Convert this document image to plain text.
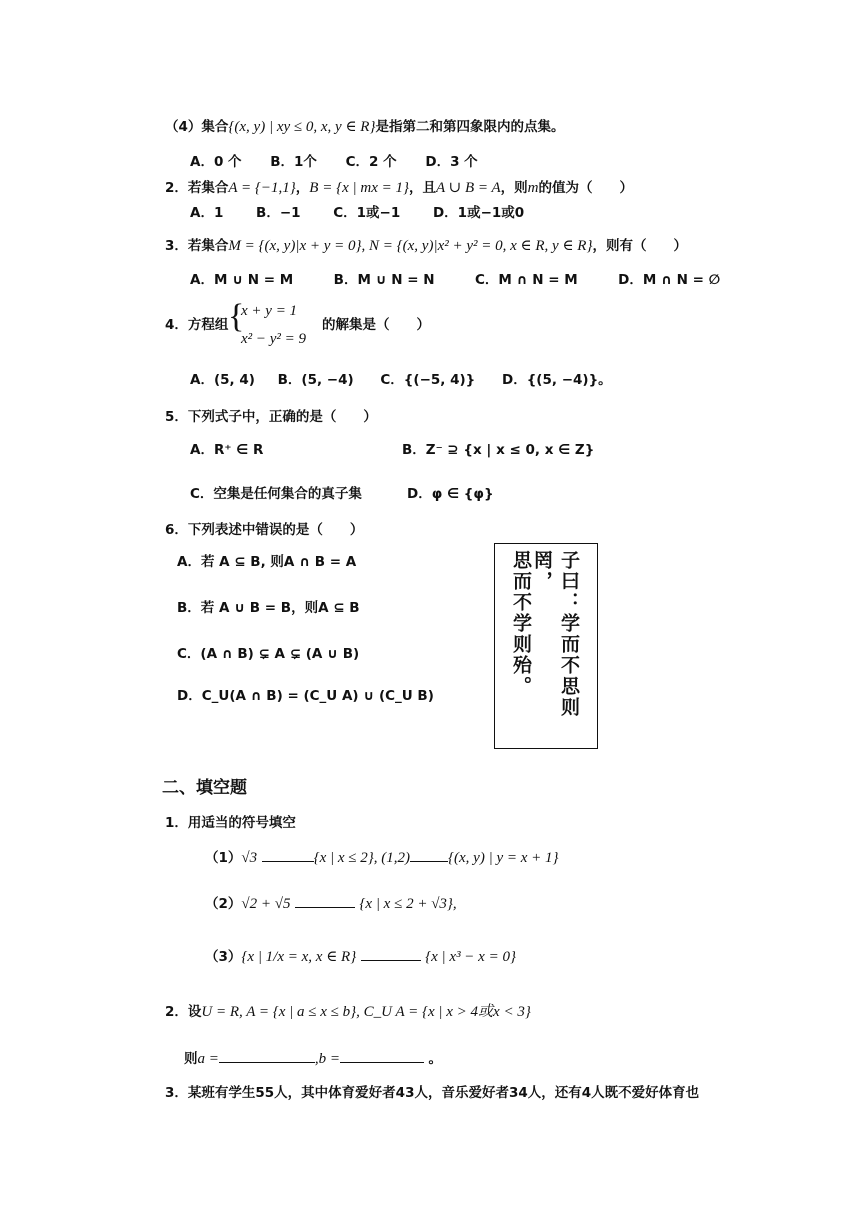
（4）集合{(x, y) | xy ≤ 0, x, y ∈ R}是指第二和第四象限内的点集。
A．0 个 B．1个 C．2 个 D．3 个
2．若集合A = {−1,1}，B = {x | mx = 1}，且A ∪ B = A，则m的值为（　　）
A．1 B．−1 C．1或−1 D．1或−1或0
3．若集合M = {(x, y)|x + y = 0}, N = {(x, y)|x² + y² = 0, x ∈ R, y ∈ R}，则有（　　）
A．M ∪ N = M	B．M ∪ N = N	C．M ∩ N = M	D．M ∩ N = ∅
4．方程组 {
x + y = 1
x² − y² = 9
的解集是（　　）
A．(5, 4) B．(5, −4) C．{(−5, 4)} D．{(5, −4)}。
5．下列式子中，正确的是（　　）
A．R⁺ ∈ R	B．Z⁻ ⊇ {x | x ≤ 0, x ∈ Z}
C．空集是任何集合的真子集	D．φ ∈ {φ}
6．下列表述中错误的是（　　）
A．若 A ⊆ B, 则A ∩ B = A
B．若 A ∪ B = B，则A ⊆ B
C．(A ∩ B) ⊊ A ⊊ (A ∪ B)
D．C_U(A ∩ B) = (C_U A) ∪ (C_U B)	子曰：学而不思则罔，
思而不学则殆。
二、填空题
1．用适当的符号填空
（1）√3	{x | x ≤ 2}, (1,2)	{(x, y) | y = x + 1}
（2）√2 + √5	{x | x ≤ 2 + √3},
（3）{x | 1/x = x, x ∈ R}	{x | x³ − x = 0}
2．设U = R, A = {x | a ≤ x ≤ b}, C_U A = {x | x > 4或x < 3}
则a =	,b =	。
3．某班有学生55人，其中体育爱好者43人，音乐爱好者34人，还有4人既不爱好体育也
